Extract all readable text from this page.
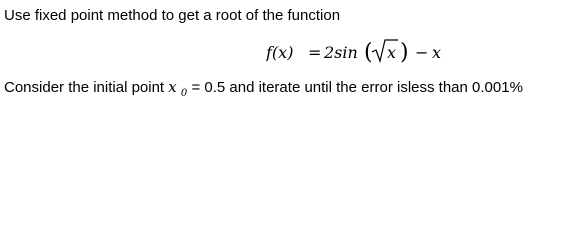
Use fixed point method to get a root of the function
f(x) = 2sin ( x ) − x
Consider the initial point x $_0$ = 0.5 and iterate until the error isless than 0.001%
